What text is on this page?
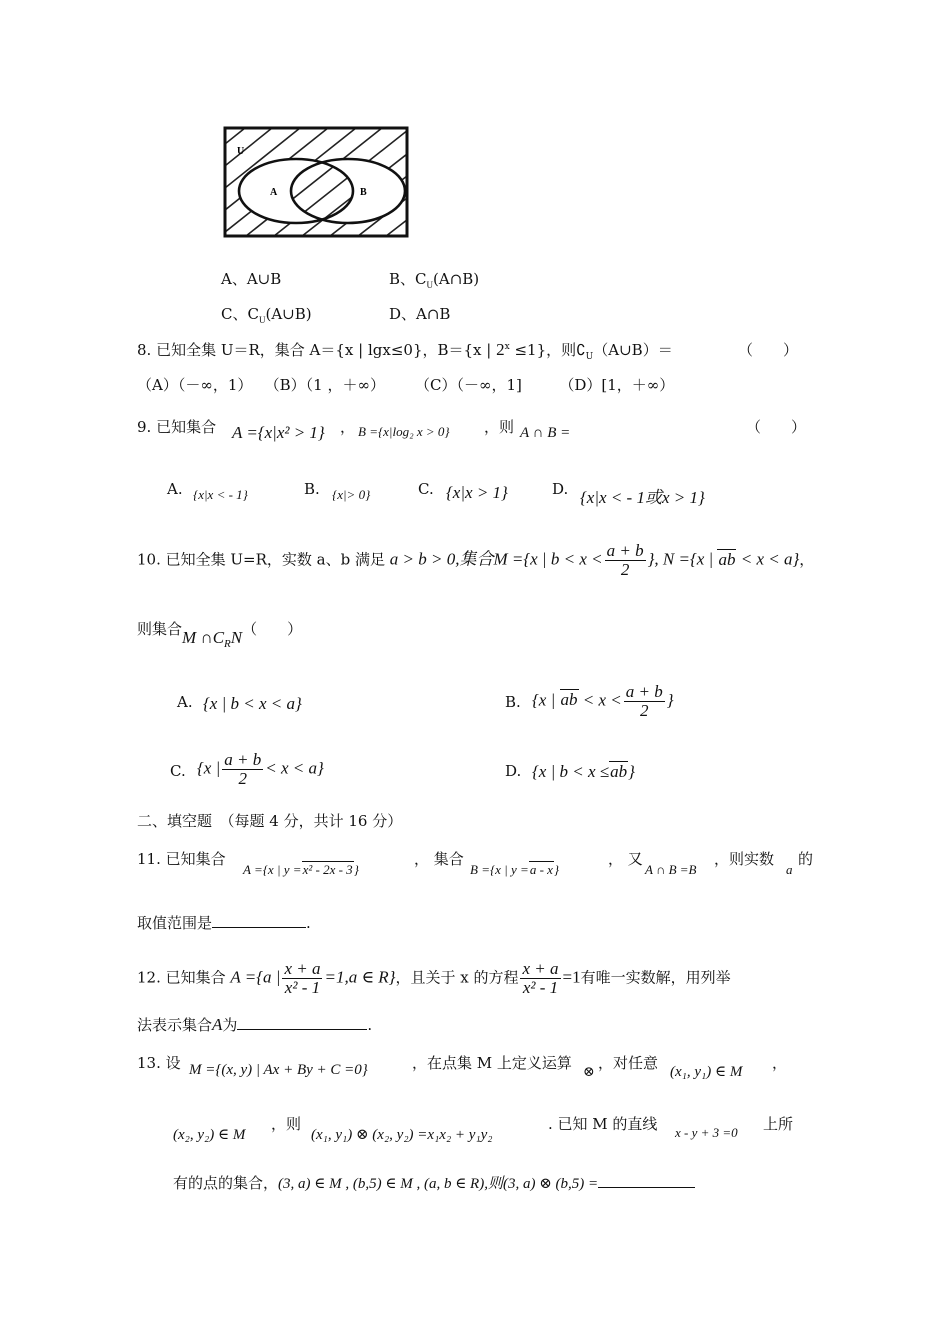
U
A	B
A、A∪B	B、$C_U(A\cap B)$
C、$C_U(A\cup B)$	D、A∩B
8. 已知全集 U＝R，集合 A＝{x | lgx≤0}，B＝{x | $2^x \le 1$}，则$∁_U(A\cup B)=$	（　　）
（A）（－∞，1）　 （B）（1 ，＋∞）　　　（C）（－∞，1]　　　（D）[1，＋∞）
9. 已知集合 A ={x|x² > 1} ， B ={x|log₂ x > 0} ，则 A ∩ B =	（　　）
A. {x|x < - 1}	B. {x|> 0}	C. {x|x > 1}	D. {x|x < - 1或x > 1}
10. 已知全集 U=R，实数 a、b 满足 a > b > 0,集合M ={x | $b < x < \frac{a + b}{2}$ }, N ={x | ab < x < a}，
则集合M $\cap C_RN$（　　）
A. {x | b < x < a}	B. {x | ab < $x < \frac{a + b}{2}$ }
C. {x | $\frac{a + b}{2} < x < a$}	D. {x | b < x ≤ab}
二、填空题　（每题 4 分，共计 16 分）
11. 已知集合
A ={x | y =x² - 2x - 3}
， 集合
B ={x | y =a - x}
， 又
A ∩ B =B
，则实数
a
的
取值范围是	.
12. 已知集合 A ={a | $\frac{x + a}{\text{x² - 1}} =1,a$ ∈ R}，且关于 x 的方程 $\frac{x + a}{\text{x² - 1}} =1$有唯一实数解，用列举
法表示集合A为	.
13. 设 M ={(x, y) | Ax + By + C =0}	，在点集 M 上定义运算 ⊗ ，对任意 (x₁, y₁) ∈ M ，
(x₂, y₂) ∈ M
，则
(x₁, y₁) ⊗ (x₂, y₂) =x₁x₂ + y₁y₂
. 已知 M 的直线 x - y + 3 =0 上所
有的点的集合，(3, a) ∈ M , (b,5) ∈ M , (a, b ∈ R),则(3, a) ⊗ (b,5) =
